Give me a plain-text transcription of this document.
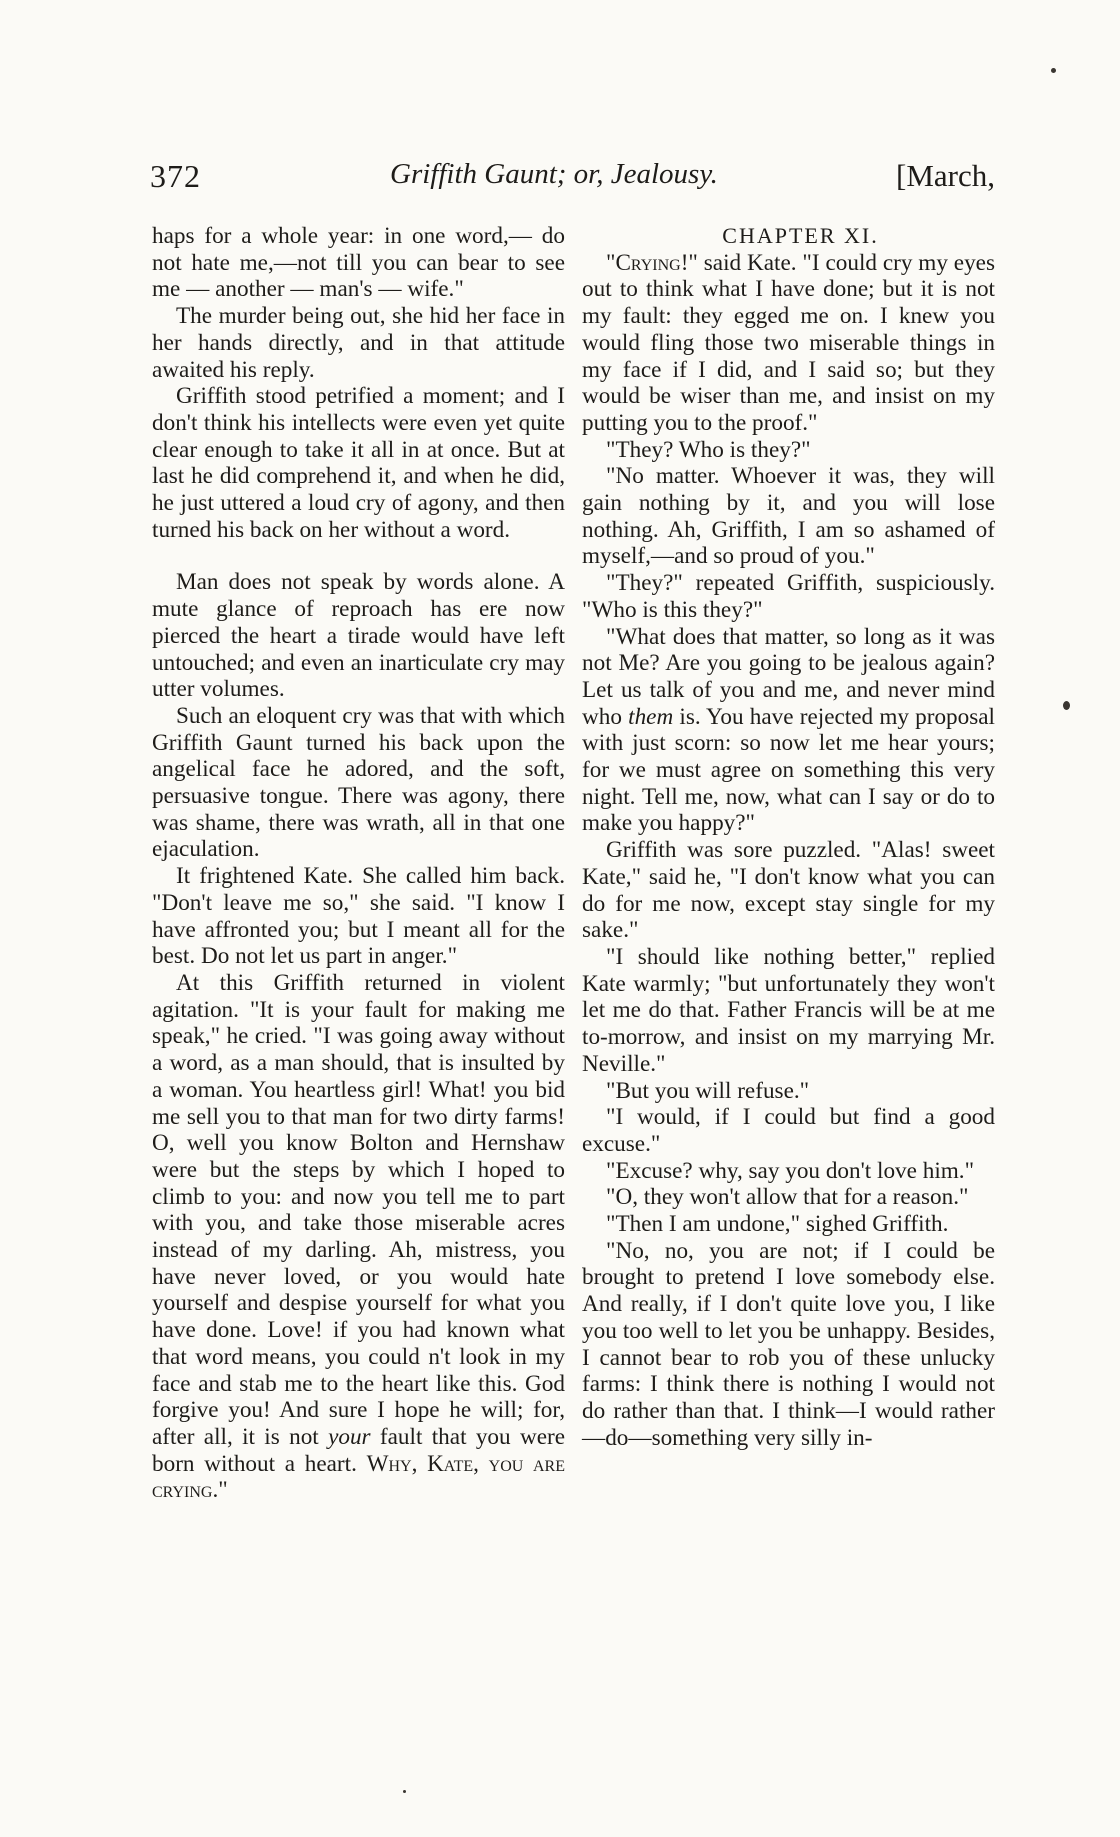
372	Griffith Gaunt; or, Jealousy.	[March,

haps for a whole year: in one word,— do not hate me,—not till you can bear to see me — another — man's — wife."

The murder being out, she hid her face in her hands directly, and in that attitude awaited his reply.

Griffith stood petrified a moment; and I don't think his intellects were even yet quite clear enough to take it all in at once. But at last he did comprehend it, and when he did, he just uttered a loud cry of agony, and then turned his back on her without a word.

Man does not speak by words alone. A mute glance of reproach has ere now pierced the heart a tirade would have left untouched; and even an inarticulate cry may utter volumes.

Such an eloquent cry was that with which Griffith Gaunt turned his back upon the angelical face he adored, and the soft, persuasive tongue. There was agony, there was shame, there was wrath, all in that one ejaculation.

It frightened Kate. She called him back. "Don't leave me so," she said. "I know I have affronted you; but I meant all for the best. Do not let us part in anger."

At this Griffith returned in violent agitation. "It is your fault for making me speak," he cried. "I was going away without a word, as a man should, that is insulted by a woman. You heartless girl! What! you bid me sell you to that man for two dirty farms! O, well you know Bolton and Hernshaw were but the steps by which I hoped to climb to you: and now you tell me to part with you, and take those miserable acres instead of my darling. Ah, mistress, you have never loved, or you would hate yourself and despise yourself for what you have done. Love! if you had known what that word means, you could n't look in my face and stab me to the heart like this. God forgive you! And sure I hope he will; for, after all, it is not your fault that you were born without a heart. Why, Kate, you are crying."

CHAPTER XI.

"Crying!" said Kate. "I could cry my eyes out to think what I have done; but it is not my fault: they egged me on. I knew you would fling those two miserable things in my face if I did, and I said so; but they would be wiser than me, and insist on my putting you to the proof."

"They? Who is they?"

"No matter. Whoever it was, they will gain nothing by it, and you will lose nothing. Ah, Griffith, I am so ashamed of myself,—and so proud of you."

"They?" repeated Griffith, suspiciously. "Who is this they?"

"What does that matter, so long as it was not Me? Are you going to be jealous again? Let us talk of you and me, and never mind who them is. You have rejected my proposal with just scorn: so now let me hear yours; for we must agree on something this very night. Tell me, now, what can I say or do to make you happy?"

Griffith was sore puzzled. "Alas! sweet Kate," said he, "I don't know what you can do for me now, except stay single for my sake."

"I should like nothing better," replied Kate warmly; "but unfortunately they won't let me do that. Father Francis will be at me to-morrow, and insist on my marrying Mr. Neville."

"But you will refuse."

"I would, if I could but find a good excuse."

"Excuse? why, say you don't love him."

"O, they won't allow that for a reason."

"Then I am undone," sighed Griffith.

"No, no, you are not; if I could be brought to pretend I love somebody else. And really, if I don't quite love you, I like you too well to let you be unhappy. Besides, I cannot bear to rob you of these unlucky farms: I think there is nothing I would not do rather than that. I think—I would rather—do—something very silly in-
